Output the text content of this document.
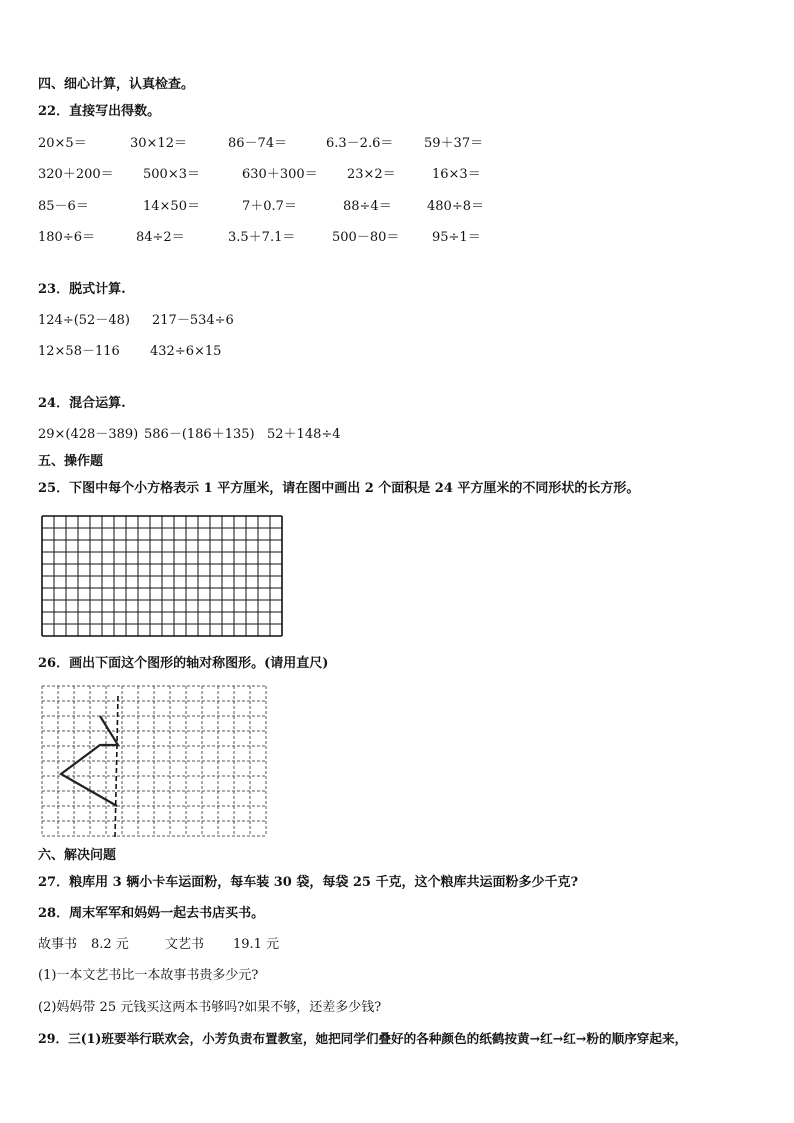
四、细心计算，认真检查。
22．直接写出得数。
20×5＝	30×12＝	86－74＝	6.3－2.6＝ 59＋37＝
320＋200＝ 500×3＝	630＋300＝ 23×2＝	16×3＝
85－6＝	14×50＝	7＋0.7＝	88÷4＝	480÷8＝
180÷6＝	84÷2＝	3.5＋7.1＝	500－80＝	95÷1＝
23．脱式计算.
124÷(52－48) 217－534÷6
12×58－116 432÷6×15
24．混合运算.
29×(428－389) 586－(186＋135) 52＋148÷4
五、操作题
25．下图中每个小方格表示 1 平方厘米，请在图中画出 2 个面积是 24 平方厘米的不同形状的长方形。
26．画出下面这个图形的轴对称图形。(请用直尺)
六、解决问题
27．粮库用 3 辆小卡车运面粉，每车装 30 袋，每袋 25 千克，这个粮库共运面粉多少千克?
28．周末军军和妈妈一起去书店买书。
故事书 8.2 元	文艺书 19.1 元
(1)一本文艺书比一本故事书贵多少元?
(2)妈妈带 25 元钱买这两本书够吗?如果不够，还差多少钱?
29．三(1)班要举行联欢会，小芳负责布置教室，她把同学们叠好的各种颜色的纸鹤按黄→红→红→粉的顺序穿起来，
